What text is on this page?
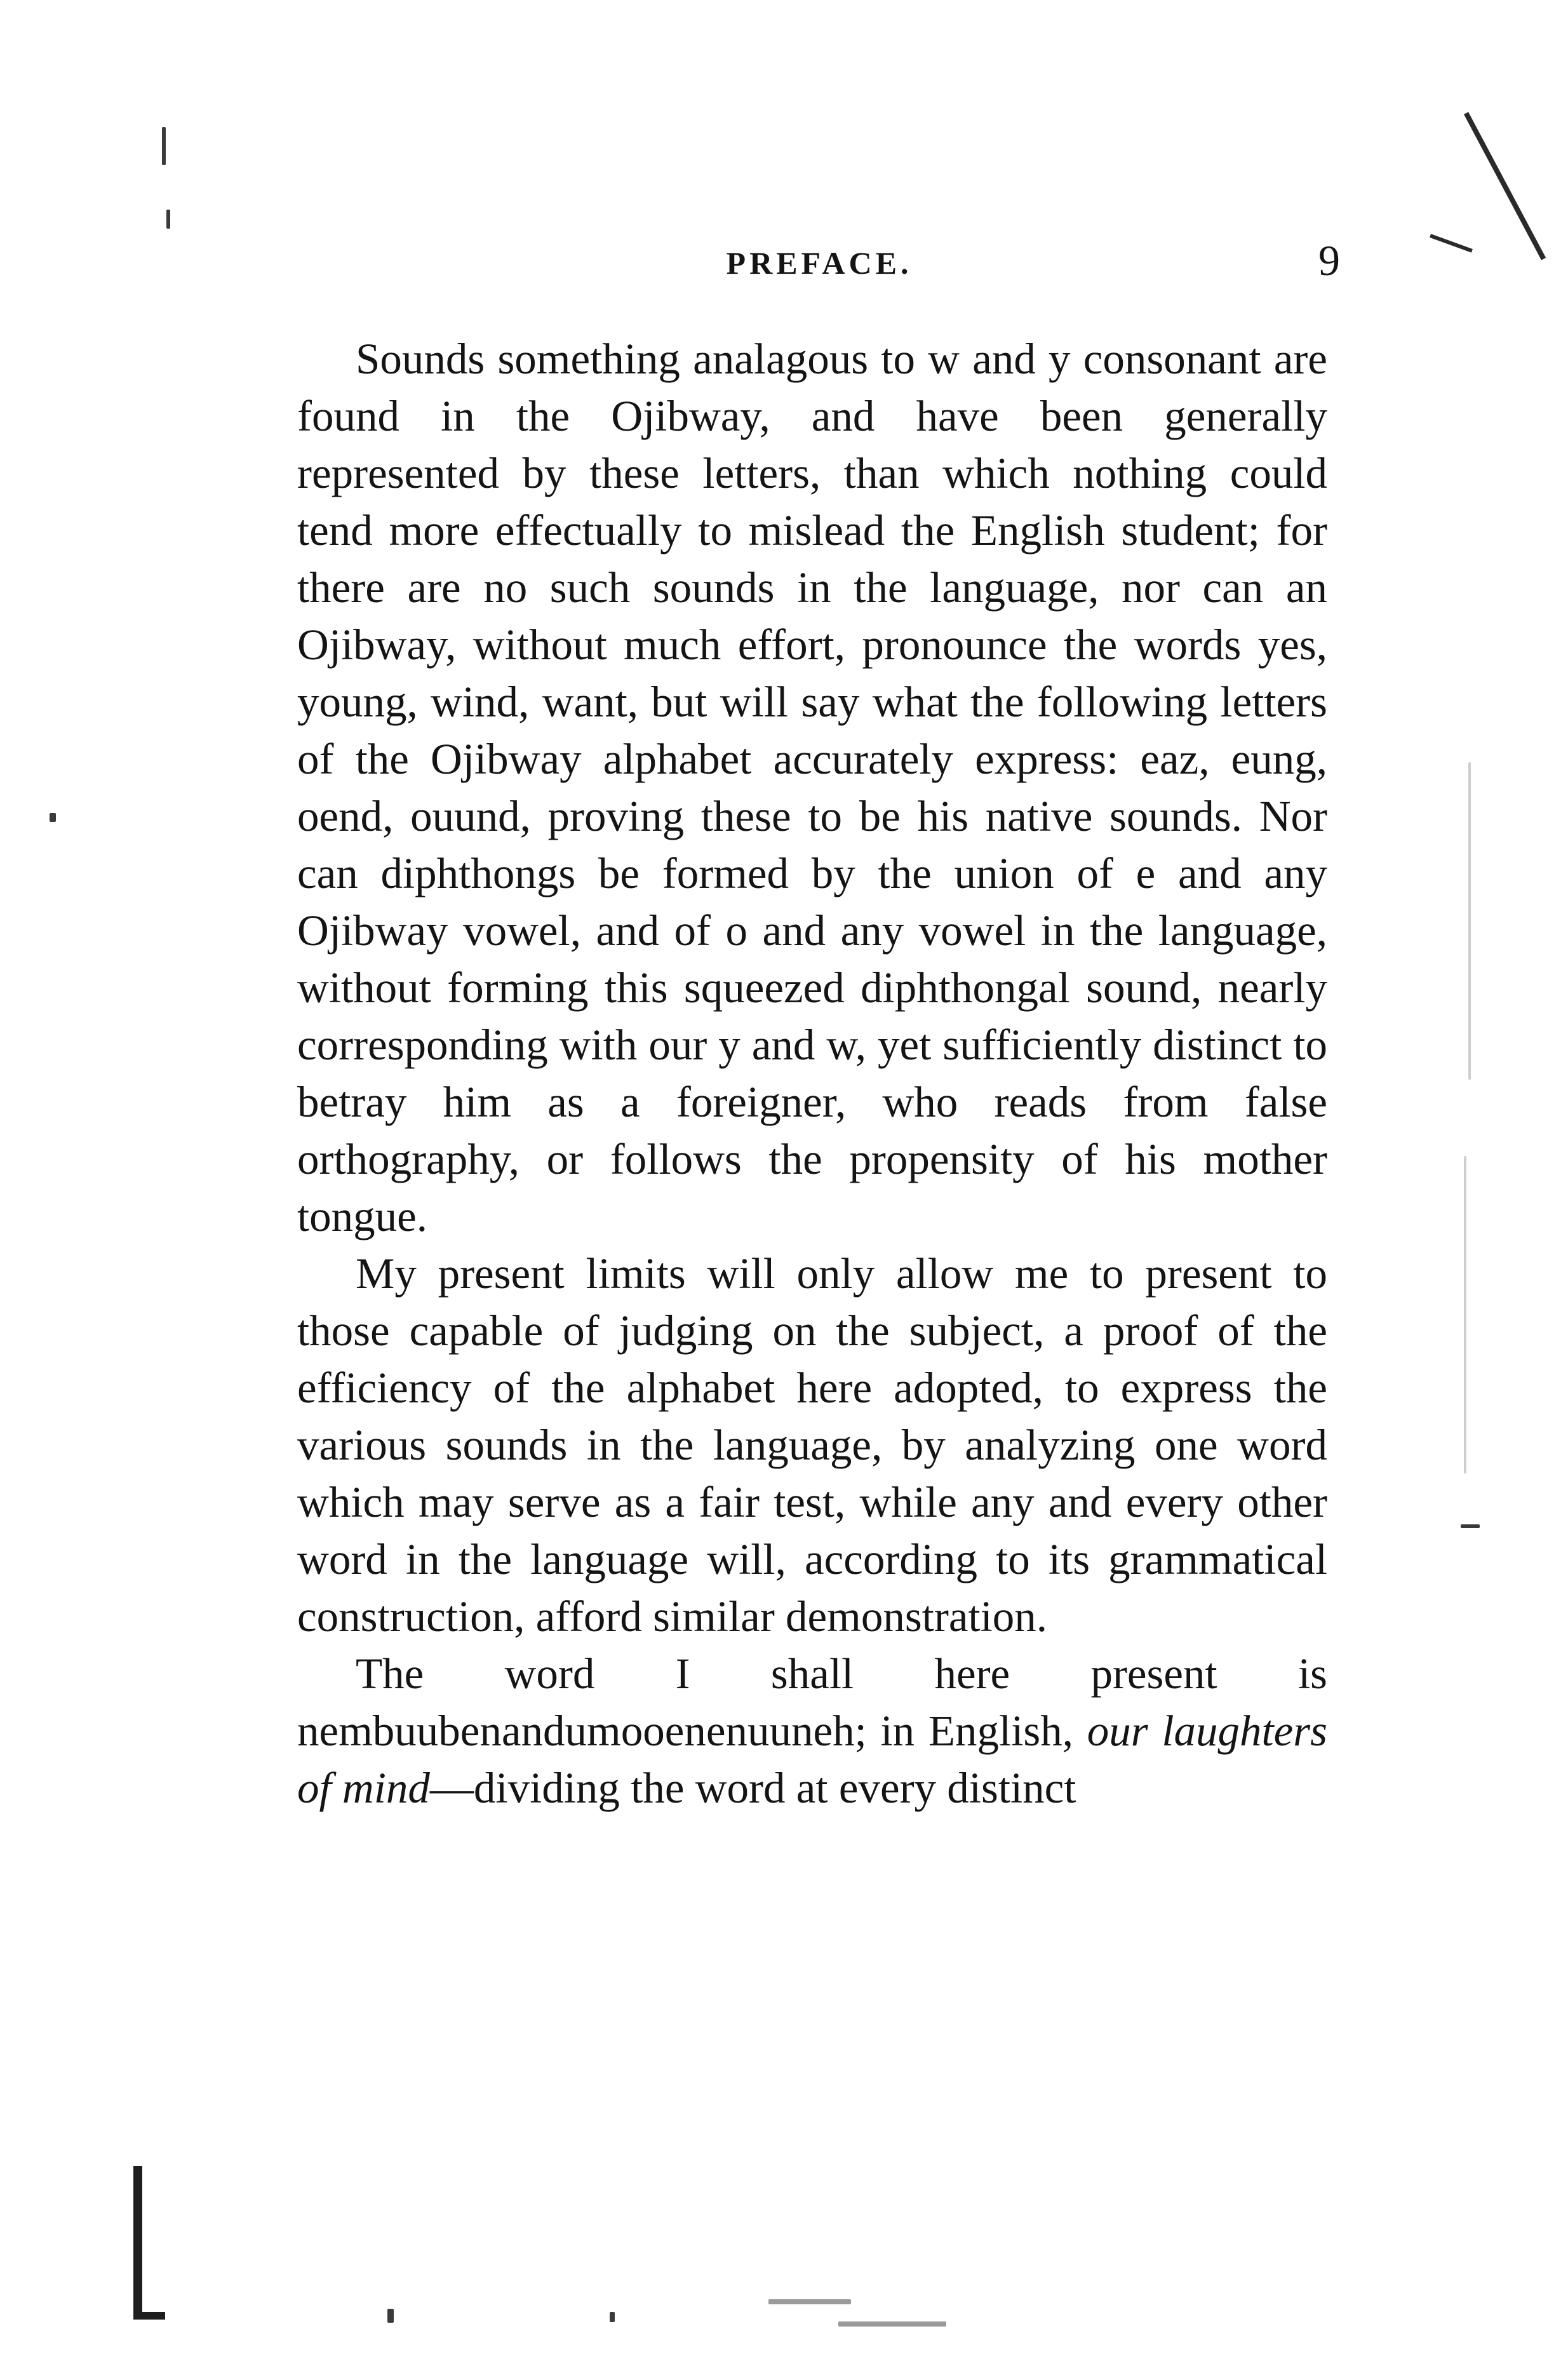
PREFACE.	9

Sounds something analagous to w and y consonant are found in the Ojibway, and have been generally represented by these letters, than which nothing could tend more effectually to mislead the English student; for there are no such sounds in the language, nor can an Ojibway, without much effort, pronounce the words yes, young, wind, want, but will say what the following letters of the Ojibway alphabet accurately express: eaz, eung, oend, ouund, proving these to be his native sounds. Nor can diphthongs be formed by the union of e and any Ojibway vowel, and of o and any vowel in the language, without forming this squeezed diphthongal sound, nearly corresponding with our y and w, yet sufficiently distinct to betray him as a foreigner, who reads from false orthography, or follows the propensity of his mother tongue.

My present limits will only allow me to present to those capable of judging on the subject, a proof of the efficiency of the alphabet here adopted, to express the various sounds in the language, by analyzing one word which may serve as a fair test, while any and every other word in the language will, according to its grammatical construction, afford similar demonstration.

The word I shall here present is nembuubenandumooenenuuneh; in English, our laughters of mind—dividing the word at every distinct
